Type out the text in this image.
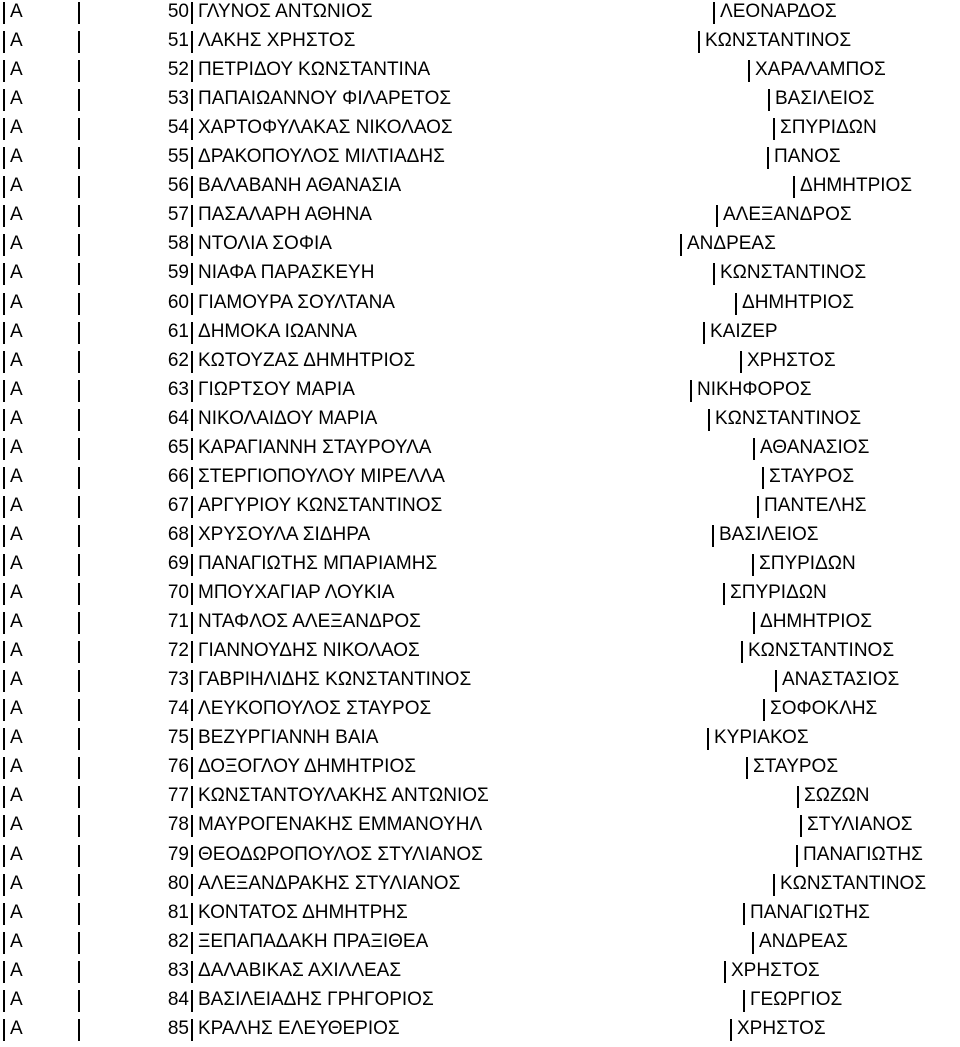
Α	50 ΓΛΥΝΟΣ ΑΝΤΩΝΙΟΣ	ΛΕΟΝΑΡΔΟΣ
Α	51 ΛΑΚΗΣ ΧΡΗΣΤΟΣ	ΚΩΝΣΤΑΝΤΙΝΟΣ
Α	52 ΠΕΤΡΙΔΟΥ ΚΩΝΣΤΑΝΤΙΝΑ	ΧΑΡΑΛΑΜΠΟΣ
Α	53 ΠΑΠΑΙΩΑΝΝΟΥ ΦΙΛΑΡΕΤΟΣ	ΒΑΣΙΛΕΙΟΣ
Α	54 ΧΑΡΤΟΦΥΛΑΚΑΣ ΝΙΚΟΛΑΟΣ	ΣΠΥΡΙΔΩΝ
Α	55 ΔΡΑΚΟΠΟΥΛΟΣ ΜΙΛΤΙΑΔΗΣ	ΠΑΝΟΣ
Α	56 ΒΑΛΑΒΑΝΗ ΑΘΑΝΑΣΙΑ	ΔΗΜΗΤΡΙΟΣ
Α	57 ΠΑΣΑΛΑΡΗ ΑΘΗΝΑ	ΑΛΕΞΑΝΔΡΟΣ
Α	58 ΝΤΟΛΙΑ ΣΟΦΙΑ	ΑΝΔΡΕΑΣ
Α	59 ΝΙΑΦΑ ΠΑΡΑΣΚΕΥΗ	ΚΩΝΣΤΑΝΤΙΝΟΣ
Α	60 ΓΙΑΜΟΥΡΑ ΣΟΥΛΤΑΝΑ	ΔΗΜΗΤΡΙΟΣ
Α	61 ΔΗΜΟΚΑ ΙΩΑΝΝΑ	ΚΑΙΖΕΡ
Α	62 ΚΩΤΟΥΖΑΣ ΔΗΜΗΤΡΙΟΣ	ΧΡΗΣΤΟΣ
Α	63 ΓΙΩΡΤΣΟΥ ΜΑΡΙΑ	ΝΙΚΗΦΟΡΟΣ
Α	64 ΝΙΚΟΛΑΙΔΟΥ ΜΑΡΙΑ	ΚΩΝΣΤΑΝΤΙΝΟΣ
Α	65 ΚΑΡΑΓΙΑΝΝΗ ΣΤΑΥΡΟΥΛΑ	ΑΘΑΝΑΣΙΟΣ
Α	66 ΣΤΕΡΓΙΟΠΟΥΛΟΥ ΜΙΡΕΛΛΑ	ΣΤΑΥΡΟΣ
Α	67 ΑΡΓΥΡΙΟΥ ΚΩΝΣΤΑΝΤΙΝΟΣ	ΠΑΝΤΕΛΗΣ
Α	68 ΧΡΥΣΟΥΛΑ ΣΙΔΗΡΑ	ΒΑΣΙΛΕΙΟΣ
Α	69 ΠΑΝΑΓΙΩΤΗΣ ΜΠΑΡΙΑΜΗΣ	ΣΠΥΡΙΔΩΝ
Α	70 ΜΠΟΥΧΑΓΙΑΡ ΛΟΥΚΙΑ	ΣΠΥΡΙΔΩΝ
Α	71 ΝΤΑΦΛΟΣ ΑΛΕΞΑΝΔΡΟΣ	ΔΗΜΗΤΡΙΟΣ
Α	72 ΓΙΑΝΝΟΥΔΗΣ ΝΙΚΟΛΑΟΣ	ΚΩΝΣΤΑΝΤΙΝΟΣ
Α	73 ΓΑΒΡΙΗΛΙΔΗΣ ΚΩΝΣΤΑΝΤΙΝΟΣ	ΑΝΑΣΤΑΣΙΟΣ
Α	74 ΛΕΥΚΟΠΟΥΛΟΣ ΣΤΑΥΡΟΣ	ΣΟΦΟΚΛΗΣ
Α	75 ΒΕΖΥΡΓΙΑΝΝΗ ΒΑΙΑ	ΚΥΡΙΑΚΟΣ
Α	76 ΔΟΞΟΓΛΟΥ ΔΗΜΗΤΡΙΟΣ	ΣΤΑΥΡΟΣ
Α	77 ΚΩΝΣΤΑΝΤΟΥΛΑΚΗΣ ΑΝΤΩΝΙΟΣ	ΣΩΖΩΝ
Α	78 ΜΑΥΡΟΓΕΝΑΚΗΣ ΕΜΜΑΝΟΥΗΛ	ΣΤΥΛΙΑΝΟΣ
Α	79 ΘΕΟΔΩΡΟΠΟΥΛΟΣ ΣΤΥΛΙΑΝΟΣ	ΠΑΝΑΓΙΩΤΗΣ
Α	80 ΑΛΕΞΑΝΔΡΑΚΗΣ ΣΤΥΛΙΑΝΟΣ	ΚΩΝΣΤΑΝΤΙΝΟΣ
Α	81 ΚΟΝΤΑΤΟΣ ΔΗΜΗΤΡΗΣ	ΠΑΝΑΓΙΩΤΗΣ
Α	82 ΞΕΠΑΠΑΔΑΚΗ ΠΡΑΞΙΘΕΑ	ΑΝΔΡΕΑΣ
Α	83 ΔΑΛΑΒΙΚΑΣ ΑΧΙΛΛΕΑΣ	ΧΡΗΣΤΟΣ
Α	84 ΒΑΣΙΛΕΙΑΔΗΣ ΓΡΗΓΟΡΙΟΣ	ΓΕΩΡΓΙΟΣ
Α	85 ΚΡΑΛΗΣ ΕΛΕΥΘΕΡΙΟΣ	ΧΡΗΣΤΟΣ
